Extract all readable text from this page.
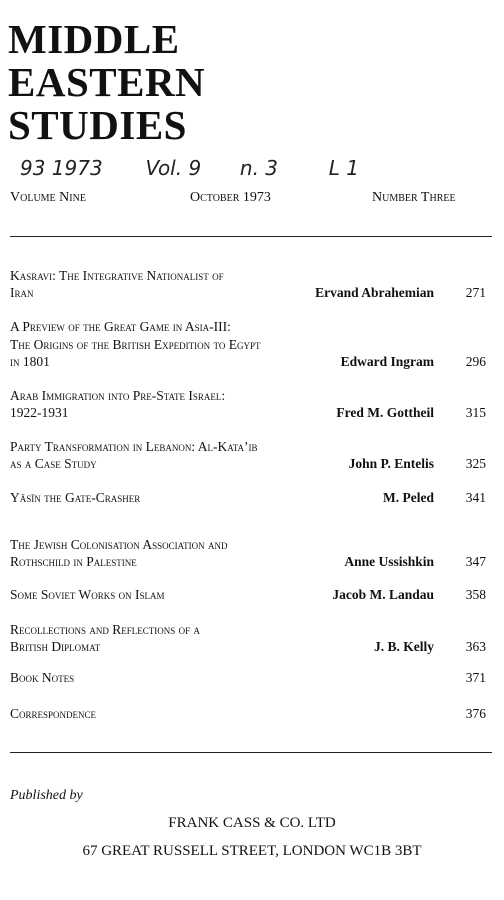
MIDDLE
EASTERN
STUDIES
93 1973 Vol. 9 n. 3	L 1
Volume Nine	October 1973	Number Three
Kasravi: The Integrative Nationalist of
Iran	Ervand Abrahemian 271
A Preview of the Great Game in Asia-III:
The Origins of the British Expedition to Egypt
in 1801	Edward Ingram 296
Arab Immigration into Pre-State Israel:
1922-1931	Fred M. Gottheil 315
Party Transformation in Lebanon: Al-Kata’ib
as a Case Study	John P. Entelis 325
Yāsīn the Gate-Crasher	M. Peled 341
The Jewish Colonisation Association and
Rothschild in Palestine	Anne Ussishkin 347
Some Soviet Works on Islam	Jacob M. Landau 358
Recollections and Reflections of a
British Diplomat	J. B. Kelly 363
Book Notes	371
Correspondence	376
Published by
FRANK CASS & CO. LTD
67 GREAT RUSSELL STREET, LONDON WC1B 3BT
